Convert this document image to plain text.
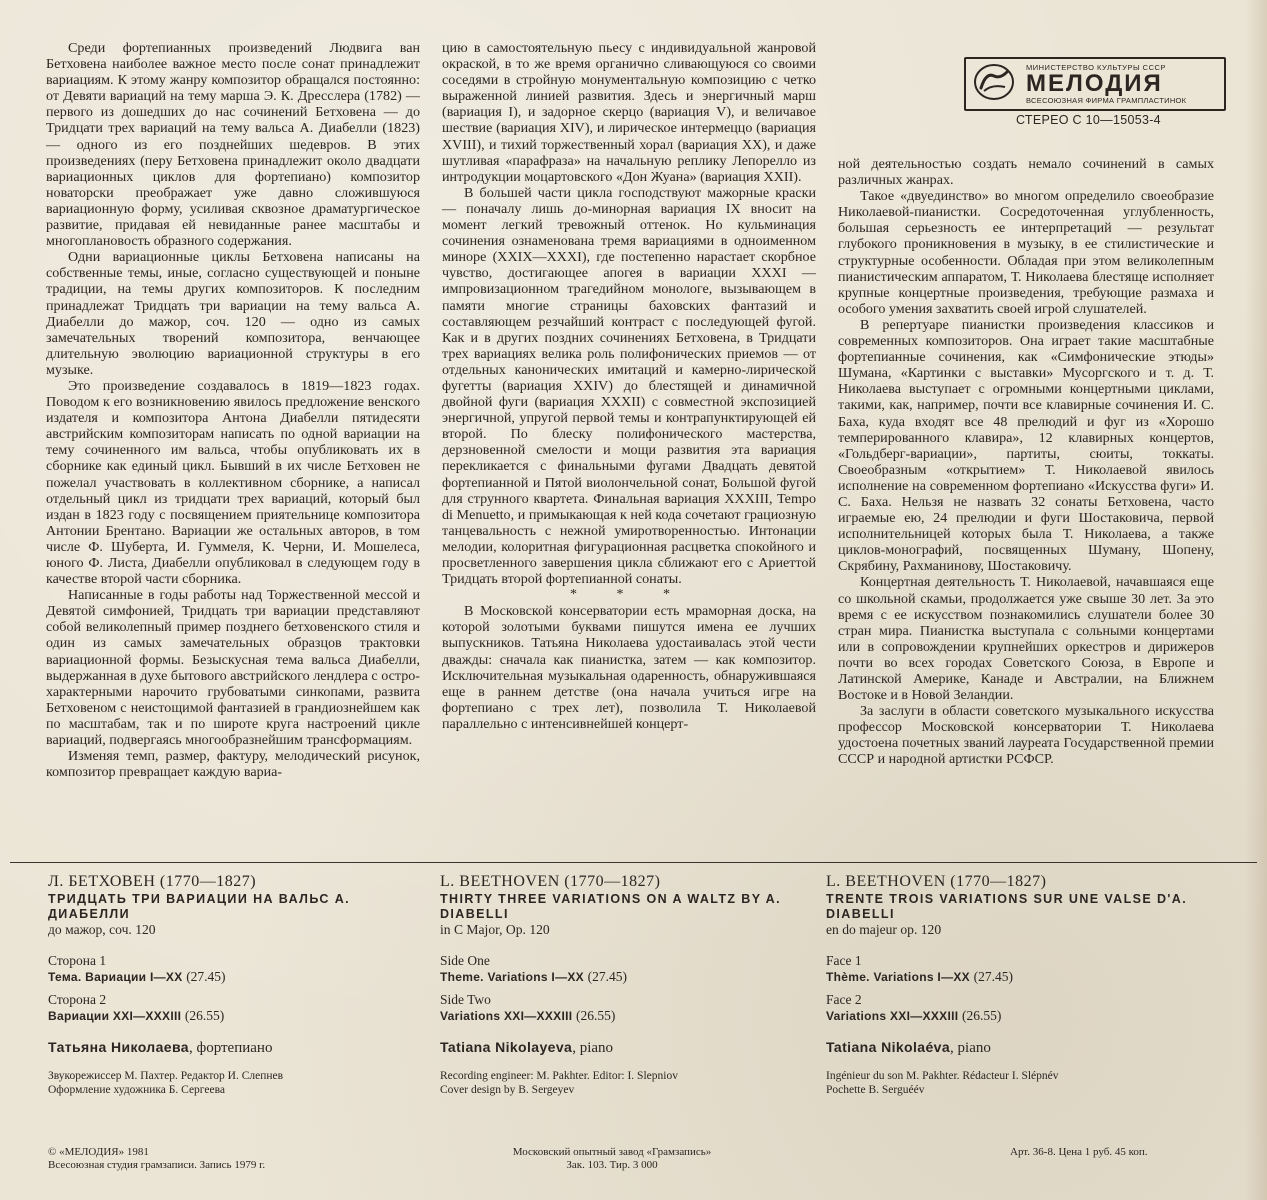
МИНИСТЕРСТВО КУЛЬТУРЫ СССР
МЕЛОДИЯ
ВСЕСОЮЗНАЯ ФИРМА ГРАМПЛАСТИНОК
СТЕРЕО С 10—15053-4

Среди фортепианных произведений Людвига ван Бетховена наиболее важное место после сонат принадлежит вариациям. К этому жанру композитор обращался постоянно: от Девяти вариаций на тему марша Э. К. Дресслера (1782) — первого из дошедших до нас сочинений Бетховена — до Тридцати трех вариаций на тему вальса А. Диабелли (1823) — одного из его позднейших шедевров. В этих произведениях (перу Бетховена принадлежит около двадцати вариационных циклов для фортепиано) композитор новаторски преображает уже давно сложившуюся вариационную форму, усиливая сквозное драматургическое развитие, придавая ей невиданные ранее масштабы и многоплановость образного содержания.

Одни вариационные циклы Бетховена написаны на собственные темы, иные, согласно существующей и поныне традиции, на темы других композиторов. К последним принадлежат Тридцать три вариации на тему вальса А. Диабелли до мажор, соч. 120 — одно из самых замечательных творений композитора, венчающее длительную эволюцию вариационной структуры в его музыке.

Это произведение создавалось в 1819—1823 годах. Поводом к его возникновению явилось предложение венского издателя и композитора Антона Диабелли пятидесяти австрийским композиторам написать по одной вариации на тему сочиненного им вальса, чтобы опубликовать их в сборнике как единый цикл. Бывший в их числе Бетховен не пожелал участвовать в коллективном сборнике, а написал отдельный цикл из тридцати трех вариаций, который был издан в 1823 году с посвящением приятельнице композитора Антонии Брентано. Вариации же остальных авторов, в том числе Ф. Шуберта, И. Гуммеля, К. Черни, И. Мошелеса, юного Ф. Листа, Диабелли опубликовал в следующем году в качестве второй части сборника.

Написанные в годы работы над Торжественной мессой и Девятой симфонией, Тридцать три вариации представляют собой великолепный пример позднего бетховенского стиля и один из самых замечательных образцов трактовки вариационной формы. Безыскусная тема вальса Диабелли, выдержанная в духе бытового австрийского лендлера с острохарактерными нарочито грубоватыми синкопами, развита Бетховеном с неистощимой фантазией в грандиознейшем как по масштабам, так и по широте круга настроений цикле вариаций, подвергаясь многообразнейшим трансформациям.

Изменяя темп, размер, фактуру, мелодический рисунок, композитор превращает каждую вариа-

цию в самостоятельную пьесу с индивидуальной жанровой окраской, в то же время органично сливающуюся со своими соседями в стройную монументальную композицию с четко выраженной линией развития. Здесь и энергичный марш (вариация I), и задорное скерцо (вариация V), и величавое шествие (вариация XIV), и лирическое интермеццо (вариация XVIII), и тихий торжественный хорал (вариация XX), и даже шутливая «парафраза» на начальную реплику Лепорелло из интродукции моцартовского «Дон Жуана» (вариация XXII).

В большей части цикла господствуют мажорные краски — поначалу лишь до-минорная вариация IX вносит на момент легкий тревожный оттенок. Но кульминация сочинения ознаменована тремя вариациями в одноименном миноре (XXIX—XXXI), где постепенно нарастает скорбное чувство, достигающее апогея в вариации XXXI — импровизационном трагедийном монологе, вызывающем в памяти многие страницы баховских фантазий и составляющем резчайший контраст с последующей фугой. Как и в других поздних сочинениях Бетховена, в Тридцати трех вариациях велика роль полифонических приемов — от отдельных канонических имитаций и камерно-лирической фугетты (вариация XXIV) до блестящей и динамичной двойной фуги (вариация XXXII) с совместной экспозицией энергичной, упругой первой темы и контрапунктирующей ей второй. По блеску полифонического мастерства, дерзновенной смелости и мощи развития эта вариация перекликается с финальными фугами Двадцать девятой фортепианной и Пятой виолончельной сонат, Большой фугой для струнного квартета. Финальная вариация XXXIII, Tempo di Menuetto, и примыкающая к ней кода сочетают грациозную танцевальность с нежной умиротворенностью. Интонации мелодии, колоритная фигурационная расцветка спокойного и просветленного завершения цикла сближают его с Ариеттой Тридцать второй фортепианной сонаты.

* * *

В Московской консерватории есть мраморная доска, на которой золотыми буквами пишутся имена ее лучших выпускников. Татьяна Николаева удостаивалась этой чести дважды: сначала как пианистка, затем — как композитор. Исключительная музыкальная одаренность, обнаружившаяся еще в раннем детстве (она начала учиться игре на фортепиано с трех лет), позволила Т. Николаевой параллельно с интенсивнейшей концерт-

ной деятельностью создать немало сочинений в самых различных жанрах.

Такое «двуединство» во многом определило своеобразие Николаевой-пианистки. Сосредоточенная углубленность, большая серьезность ее интерпретаций — результат глубокого проникновения в музыку, в ее стилистические и структурные особенности. Обладая при этом великолепным пианистическим аппаратом, Т. Николаева блестяще исполняет крупные концертные произведения, требующие размаха и особого умения захватить своей игрой слушателей.

В репертуаре пианистки произведения классиков и современных композиторов. Она играет такие масштабные фортепианные сочинения, как «Симфонические этюды» Шумана, «Картинки с выставки» Мусоргского и т. д. Т. Николаева выступает с огромными концертными циклами, такими, как, например, почти все клавирные сочинения И. С. Баха, куда входят все 48 прелюдий и фуг из «Хорошо темперированного клавира», 12 клавирных концертов, «Гольдберг-вариации», партиты, сюиты, токкаты. Своеобразным «открытием» Т. Николаевой явилось исполнение на современном фортепиано «Искусства фуги» И. С. Баха. Нельзя не назвать 32 сонаты Бетховена, часто играемые ею, 24 прелюдии и фуги Шостаковича, первой исполнительницей которых была Т. Николаева, а также циклов-монографий, посвященных Шуману, Шопену, Скрябину, Рахманинову, Шостаковичу.

Концертная деятельность Т. Николаевой, начавшаяся еще со школьной скамьи, продолжается уже свыше 30 лет. За это время с ее искусством познакомились слушатели более 30 стран мира. Пианистка выступала с сольными концертами или в сопровождении крупнейших оркестров и дирижеров почти во всех городах Советского Союза, в Европе и Латинской Америке, Канаде и Австралии, на Ближнем Востоке и в Новой Зеландии.

За заслуги в области советского музыкального искусства профессор Московской консерватории Т. Николаева удостоена почетных званий лауреата Государственной премии СССР и народной артистки РСФСР.

Л. БЕТХОВЕН (1770—1827)
ТРИДЦАТЬ ТРИ ВАРИАЦИИ НА ВАЛЬС А. ДИАБЕЛЛИ
до мажор, соч. 120
Сторона 1
Тема. Вариации I—XX (27.45)
Сторона 2
Вариации XXI—XXXIII (26.55)
Татьяна Николаева, фортепиано
Звукорежиссер М. Пахтер. Редактор И. Слепнев
Оформление художника Б. Сергеева
L. BEETHOVEN (1770—1827)
THIRTY THREE VARIATIONS ON A WALTZ BY A. DIABELLI
in C Major, Op. 120
Side One
Theme. Variations I—XX (27.45)
Side Two
Variations XXI—XXXIII (26.55)
Tatiana Nikolayeva, piano
Recording engineer: M. Pakhter. Editor: I. Slepniov
Cover design by B. Sergeyev
L. BEETHOVEN (1770—1827)
TRENTE TROIS VARIATIONS SUR UNE VALSE D'A. DIABELLI
en do majeur op. 120
Face 1
Thème. Variations I—XX (27.45)
Face 2
Variations XXI—XXXIII (26.55)
Tatiana Nikolaéva, piano
Ingénieur du son M. Pakhter. Rédacteur I. Slépnév
Pochette B. Serguéév
© «МЕЛОДИЯ» 1981
Всесоюзная студия грамзаписи. Запись 1979 г.
Московский опытный завод «Грамзапись»
Зак. 103. Тир. 3 000
Арт. 36-8. Цена 1 руб. 45 коп.
